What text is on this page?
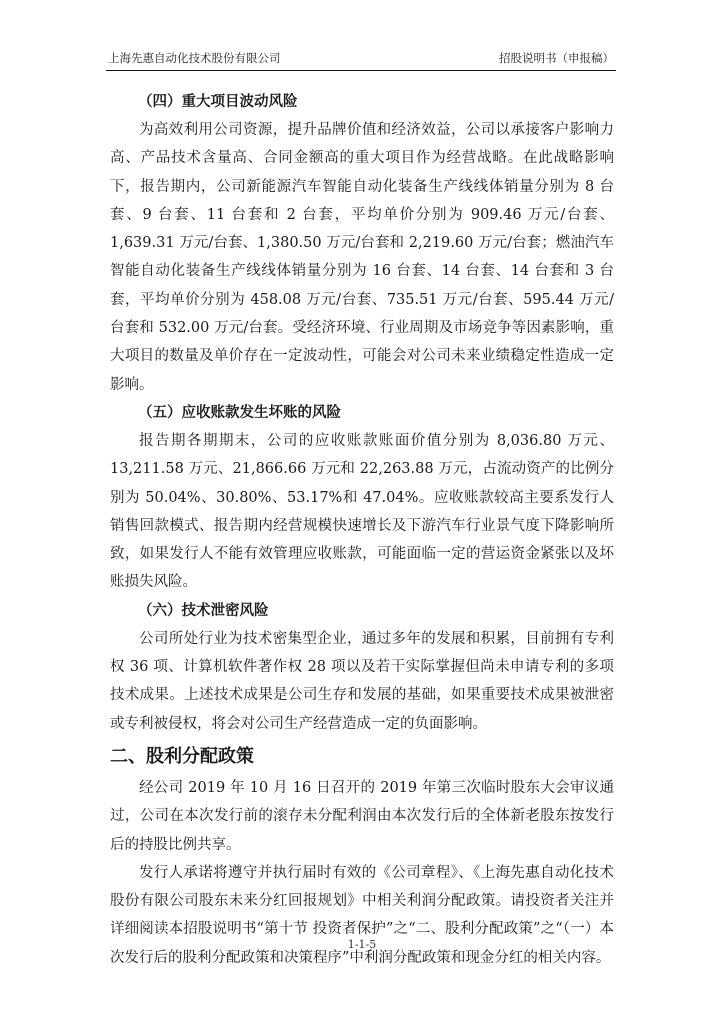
上海先惠自动化技术股份有限公司	招股说明书（申报稿）

（四）重大项目波动风险

为高效利用公司资源，提升品牌价值和经济效益，公司以承接客户影响力高、产品技术含量高、合同金额高的重大项目作为经营战略。在此战略影响下，报告期内，公司新能源汽车智能自动化装备生产线线体销量分别为 8 台套、9 台套、11 台套和 2 台套，平均单价分别为 909.46 万元/台套、1,639.31 万元/台套、1,380.50 万元/台套和 2,219.60 万元/台套；燃油汽车智能自动化装备生产线线体销量分别为 16 台套、14 台套、14 台套和 3 台套，平均单价分别为 458.08 万元/台套、735.51 万元/台套、595.44 万元/台套和 532.00 万元/台套。受经济环境、行业周期及市场竞争等因素影响，重大项目的数量及单价存在一定波动性，可能会对公司未来业绩稳定性造成一定影响。

（五）应收账款发生坏账的风险

报告期各期期末，公司的应收账款账面价值分别为 8,036.80 万元、13,211.58 万元、21,866.66 万元和 22,263.88 万元，占流动资产的比例分别为 50.04%、30.80%、53.17%和 47.04%。应收账款较高主要系发行人销售回款模式、报告期内经营规模快速增长及下游汽车行业景气度下降影响所致，如果发行人不能有效管理应收账款，可能面临一定的营运资金紧张以及坏账损失风险。

（六）技术泄密风险

公司所处行业为技术密集型企业，通过多年的发展和积累，目前拥有专利权 36 项、计算机软件著作权 28 项以及若干实际掌握但尚未申请专利的多项技术成果。上述技术成果是公司生存和发展的基础，如果重要技术成果被泄密或专利被侵权，将会对公司生产经营造成一定的负面影响。

二、股利分配政策

经公司 2019 年 10 月 16 日召开的 2019 年第三次临时股东大会审议通过，公司在本次发行前的滚存未分配利润由本次发行后的全体新老股东按发行后的持股比例共享。

发行人承诺将遵守并执行届时有效的《公司章程》、《上海先惠自动化技术股份有限公司股东未来分红回报规划》中相关利润分配政策。请投资者关注并详细阅读本招股说明书“第十节 投资者保护”之“二、股利分配政策”之“（一）本次发行后的股利分配政策和决策程序”中利润分配政策和现金分红的相关内容。

1-1-5
